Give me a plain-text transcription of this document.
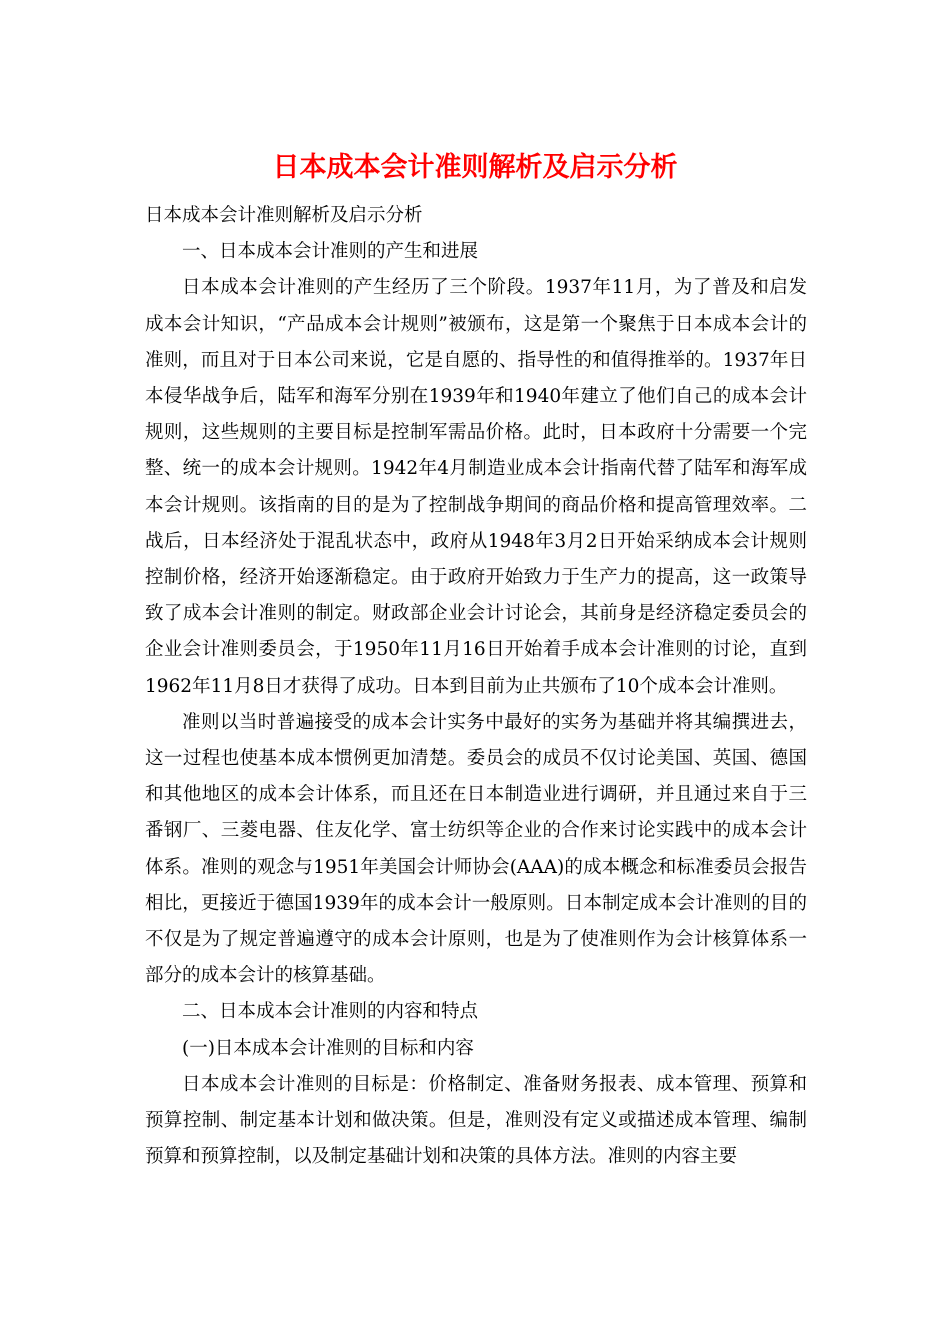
日本成本会计准则解析及启示分析

日本成本会计准则解析及启示分析

一、日本成本会计准则的产生和进展

日本成本会计准则的产生经历了三个阶段。1937年11月，为了普及和启发成本会计知识，“产品成本会计规则”被颁布，这是第一个聚焦于日本成本会计的准则，而且对于日本公司来说，它是自愿的、指导性的和值得推举的。1937年日本侵华战争后，陆军和海军分别在1939年和1940年建立了他们自己的成本会计规则，这些规则的主要目标是控制军需品价格。此时，日本政府十分需要一个完整、统一的成本会计规则。1942年4月制造业成本会计指南代替了陆军和海军成本会计规则。该指南的目的是为了控制战争期间的商品价格和提高管理效率。二战后，日本经济处于混乱状态中，政府从1948年3月2日开始采纳成本会计规则控制价格，经济开始逐渐稳定。由于政府开始致力于生产力的提高，这一政策导致了成本会计准则的制定。财政部企业会计讨论会，其前身是经济稳定委员会的企业会计准则委员会，于1950年11月16日开始着手成本会计准则的讨论，直到1962年11月8日才获得了成功。日本到目前为止共颁布了10个成本会计准则。

准则以当时普遍接受的成本会计实务中最好的实务为基础并将其编撰进去，这一过程也使基本成本惯例更加清楚。委员会的成员不仅讨论美国、英国、德国和其他地区的成本会计体系，而且还在日本制造业进行调研，并且通过来自于三番钢厂、三菱电器、住友化学、富士纺织等企业的合作来讨论实践中的成本会计体系。准则的观念与1951年美国会计师协会(AAA)的成本概念和标准委员会报告相比，更接近于德国1939年的成本会计一般原则。日本制定成本会计准则的目的不仅是为了规定普遍遵守的成本会计原则，也是为了使准则作为会计核算体系一部分的成本会计的核算基础。

二、日本成本会计准则的内容和特点

(一)日本成本会计准则的目标和内容

日本成本会计准则的目标是：价格制定、准备财务报表、成本管理、预算和预算控制、制定基本计划和做决策。但是，准则没有定义或描述成本管理、编制预算和预算控制，以及制定基础计划和决策的具体方法。准则的内容主要
